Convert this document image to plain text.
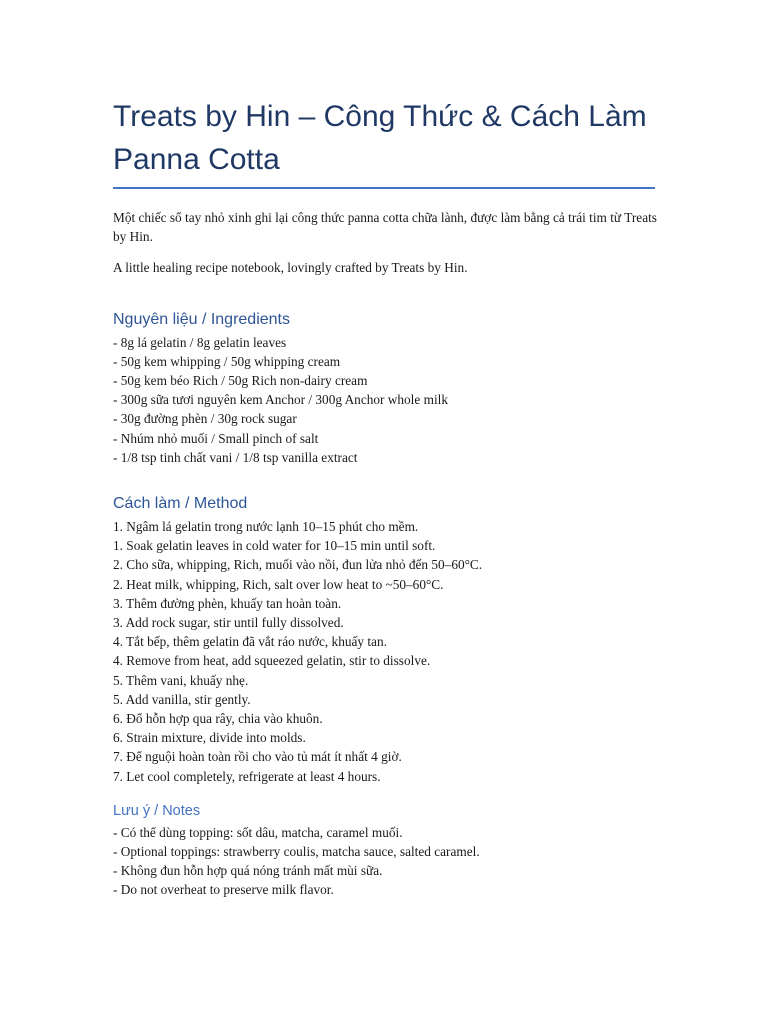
Treats by Hin – Công Thức & Cách Làm Panna Cotta

Một chiếc sổ tay nhỏ xinh ghi lại công thức panna cotta chữa lành, được làm bằng cả trái tim từ Treats by Hin.

A little healing recipe notebook, lovingly crafted by Treats by Hin.

Nguyên liệu / Ingredients
- 8g lá gelatin / 8g gelatin leaves
- 50g kem whipping / 50g whipping cream
- 50g kem béo Rich / 50g Rich non-dairy cream
- 300g sữa tươi nguyên kem Anchor / 300g Anchor whole milk
- 30g đường phèn / 30g rock sugar
- Nhúm nhỏ muối / Small pinch of salt
- 1/8 tsp tinh chất vani / 1/8 tsp vanilla extract
Cách làm / Method
1. Ngâm lá gelatin trong nước lạnh 10–15 phút cho mềm.
1. Soak gelatin leaves in cold water for 10–15 min until soft.
2. Cho sữa, whipping, Rich, muối vào nồi, đun lửa nhỏ đến 50–60°C.
2. Heat milk, whipping, Rich, salt over low heat to ~50–60°C.
3. Thêm đường phèn, khuấy tan hoàn toàn.
3. Add rock sugar, stir until fully dissolved.
4. Tắt bếp, thêm gelatin đã vắt ráo nước, khuấy tan.
4. Remove from heat, add squeezed gelatin, stir to dissolve.
5. Thêm vani, khuấy nhẹ.
5. Add vanilla, stir gently.
6. Đổ hỗn hợp qua rây, chia vào khuôn.
6. Strain mixture, divide into molds.
7. Để nguội hoàn toàn rồi cho vào tủ mát ít nhất 4 giờ.
7. Let cool completely, refrigerate at least 4 hours.
Lưu ý / Notes
- Có thể dùng topping: sốt dâu, matcha, caramel muối.
- Optional toppings: strawberry coulis, matcha sauce, salted caramel.
- Không đun hỗn hợp quá nóng tránh mất mùi sữa.
- Do not overheat to preserve milk flavor.
